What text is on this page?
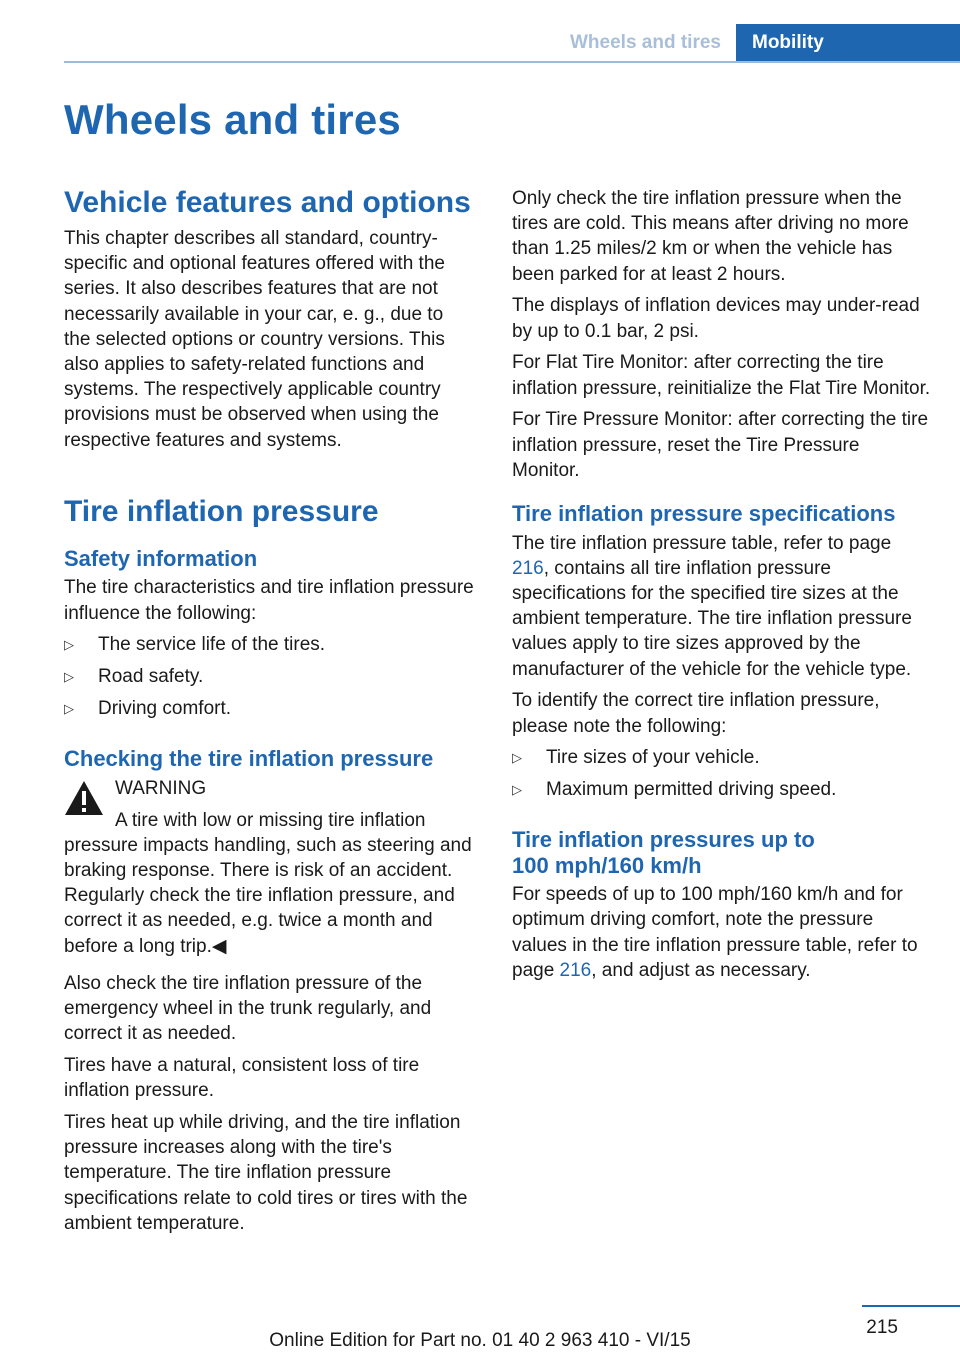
Wheels and tires	Mobility
Wheels and tires
Vehicle features and options

This chapter describes all standard, country-specific and optional features offered with the series. It also describes features that are not necessarily available in your car, e. g., due to the selected options or country versions. This also applies to safety-related functions and systems. The respectively applicable country provisions must be observed when using the respective features and systems.

Tire inflation pressure
Safety information

The tire characteristics and tire inflation pressure influence the following:

▷ The service life of the tires.
▷ Road safety.
▷ Driving comfort.
Checking the tire inflation pressure

WARNING

A tire with low or missing tire inflation

pressure impacts handling, such as steering and braking response. There is risk of an accident. Regularly check the tire inflation pressure, and correct it as needed, e.g. twice a month and before a long trip.◀

Also check the tire inflation pressure of the emergency wheel in the trunk regularly, and correct it as needed.

Tires have a natural, consistent loss of tire inflation pressure.

Tires heat up while driving, and the tire inflation pressure increases along with the tire's temperature. The tire inflation pressure specifications relate to cold tires or tires with the ambient temperature.

Only check the tire inflation pressure when the tires are cold. This means after driving no more than 1.25 miles/2 km or when the vehicle has been parked for at least 2 hours.

The displays of inflation devices may under-read by up to 0.1 bar, 2 psi.

For Flat Tire Monitor: after correcting the tire inflation pressure, reinitialize the Flat Tire Monitor.

For Tire Pressure Monitor: after correcting the tire inflation pressure, reset the Tire Pressure Monitor.

Tire inflation pressure specifications

The tire inflation pressure table, refer to page 216, contains all tire inflation pressure specifications for the specified tire sizes at the ambient temperature. The tire inflation pressure values apply to tire sizes approved by the manufacturer of the vehicle for the vehicle type.

To identify the correct tire inflation pressure, please note the following:

▷ Tire sizes of your vehicle.
▷ Maximum permitted driving speed.
Tire inflation pressures up to
100 mph/160 km/h

For speeds of up to 100 mph/160 km/h and for optimum driving comfort, note the pressure values in the tire inflation pressure table, refer to page 216, and adjust as necessary.

215
Online Edition for Part no. 01 40 2 963 410 - VI/15
